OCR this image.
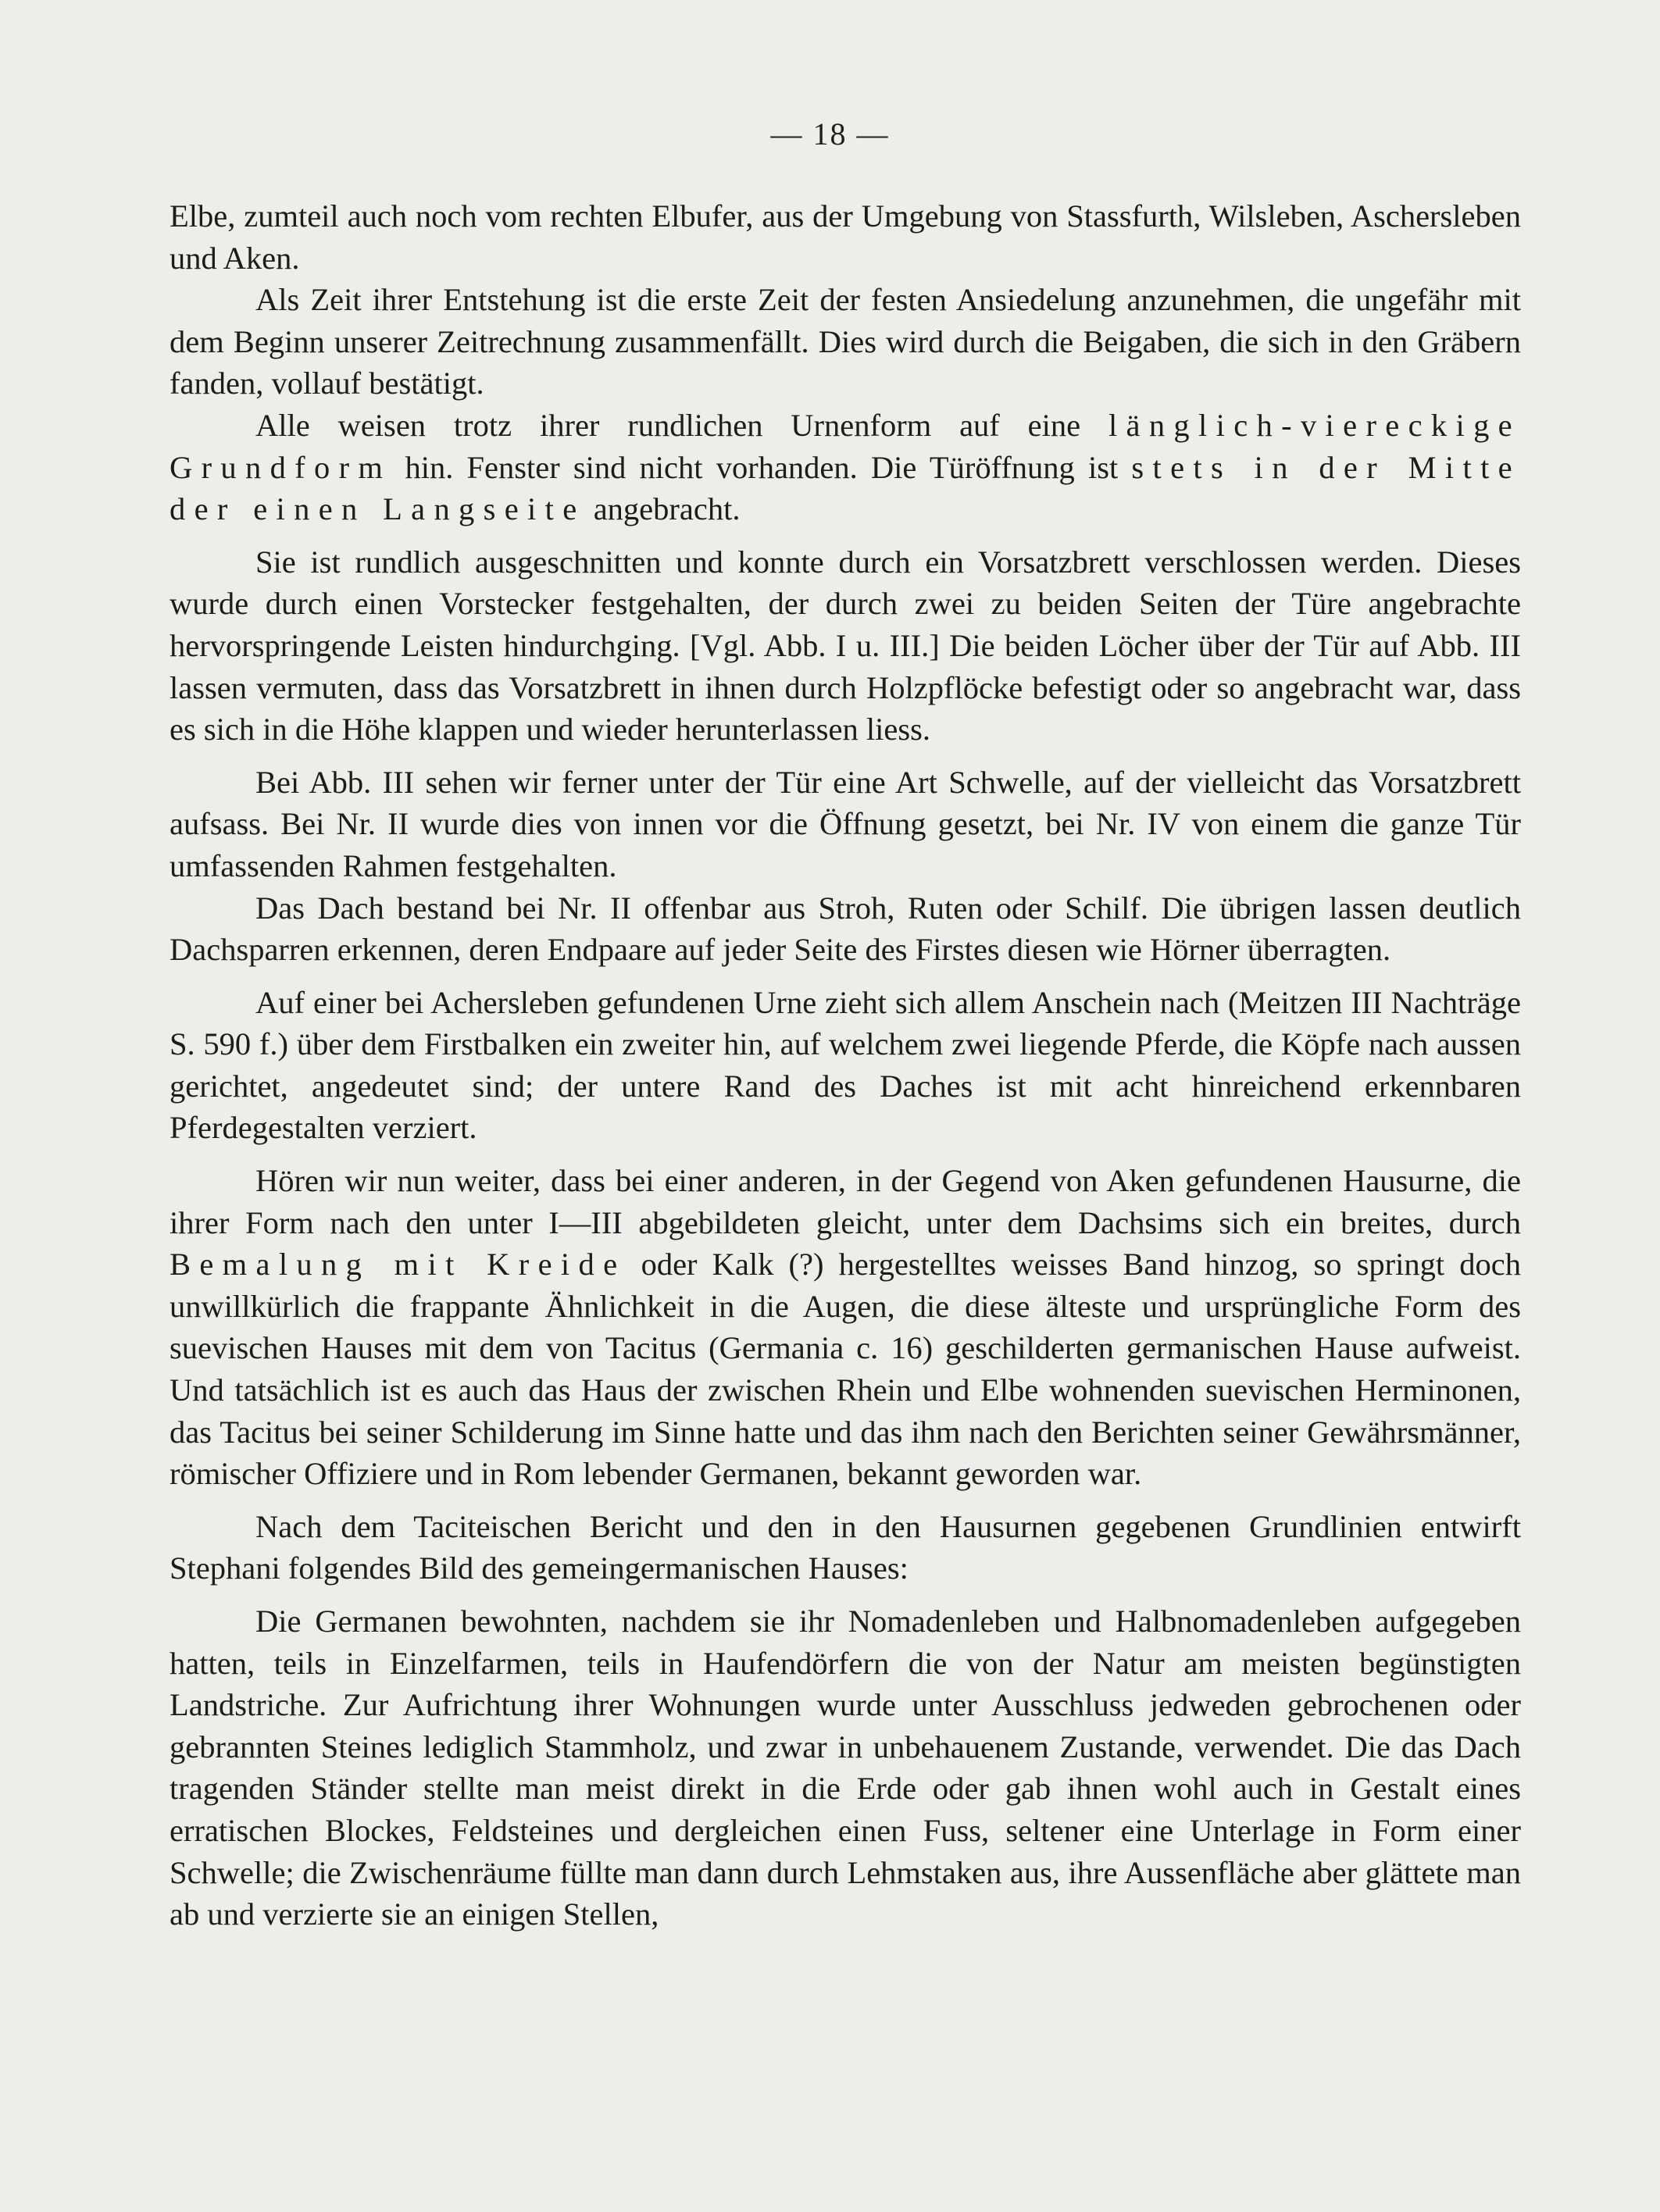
— 18 —

Elbe, zumteil auch noch vom rechten Elbufer, aus der Umgebung von Stassfurth, Wilsleben, Aschersleben und Aken.

Als Zeit ihrer Entstehung ist die erste Zeit der festen Ansiedelung anzunehmen, die ungefähr mit dem Beginn unserer Zeitrechnung zusammenfällt. Dies wird durch die Beigaben, die sich in den Gräbern fanden, vollauf bestätigt.

Alle weisen trotz ihrer rundlichen Urnenform auf eine länglich-viereckige Grundform hin. Fenster sind nicht vorhanden. Die Türöffnung ist stets in der Mitte der einen Langseite angebracht.

Sie ist rundlich ausgeschnitten und konnte durch ein Vorsatzbrett verschlossen werden. Dieses wurde durch einen Vorstecker festgehalten, der durch zwei zu beiden Seiten der Türe angebrachte hervorspringende Leisten hindurchging. [Vgl. Abb. I u. III.] Die beiden Löcher über der Tür auf Abb. III lassen vermuten, dass das Vorsatzbrett in ihnen durch Holzpflöcke befestigt oder so angebracht war, dass es sich in die Höhe klappen und wieder herunterlassen liess.

Bei Abb. III sehen wir ferner unter der Tür eine Art Schwelle, auf der vielleicht das Vorsatzbrett aufsass. Bei Nr. II wurde dies von innen vor die Öffnung gesetzt, bei Nr. IV von einem die ganze Tür umfassenden Rahmen festgehalten.

Das Dach bestand bei Nr. II offenbar aus Stroh, Ruten oder Schilf. Die übrigen lassen deutlich Dachsparren erkennen, deren Endpaare auf jeder Seite des Firstes diesen wie Hörner überragten.

Auf einer bei Achersleben gefundenen Urne zieht sich allem Anschein nach (Meitzen III Nachträge S. 590 f.) über dem Firstbalken ein zweiter hin, auf welchem zwei liegende Pferde, die Köpfe nach aussen gerichtet, angedeutet sind; der untere Rand des Daches ist mit acht hinreichend erkennbaren Pferdegestalten verziert.

Hören wir nun weiter, dass bei einer anderen, in der Gegend von Aken gefundenen Hausurne, die ihrer Form nach den unter I—III abgebildeten gleicht, unter dem Dachsims sich ein breites, durch Bemalung mit Kreide oder Kalk (?) hergestelltes weisses Band hinzog, so springt doch unwillkürlich die frappante Ähnlichkeit in die Augen, die diese älteste und ursprüngliche Form des suevischen Hauses mit dem von Tacitus (Germania c. 16) geschilderten germanischen Hause aufweist. Und tatsächlich ist es auch das Haus der zwischen Rhein und Elbe wohnenden suevischen Herminonen, das Tacitus bei seiner Schilderung im Sinne hatte und das ihm nach den Berichten seiner Gewährsmänner, römischer Offiziere und in Rom lebender Germanen, bekannt geworden war.

Nach dem Taciteischen Bericht und den in den Hausurnen gegebenen Grundlinien entwirft Stephani folgendes Bild des gemeingermanischen Hauses:

Die Germanen bewohnten, nachdem sie ihr Nomadenleben und Halbnomadenleben aufgegeben hatten, teils in Einzelfarmen, teils in Haufendörfern die von der Natur am meisten begünstigten Landstriche. Zur Aufrichtung ihrer Wohnungen wurde unter Ausschluss jedweden gebrochenen oder gebrannten Steines lediglich Stammholz, und zwar in unbehauenem Zustande, verwendet. Die das Dach tragenden Ständer stellte man meist direkt in die Erde oder gab ihnen wohl auch in Gestalt eines erratischen Blockes, Feldsteines und dergleichen einen Fuss, seltener eine Unterlage in Form einer Schwelle; die Zwischenräume füllte man dann durch Lehmstaken aus, ihre Aussenfläche aber glättete man ab und verzierte sie an einigen Stellen,
